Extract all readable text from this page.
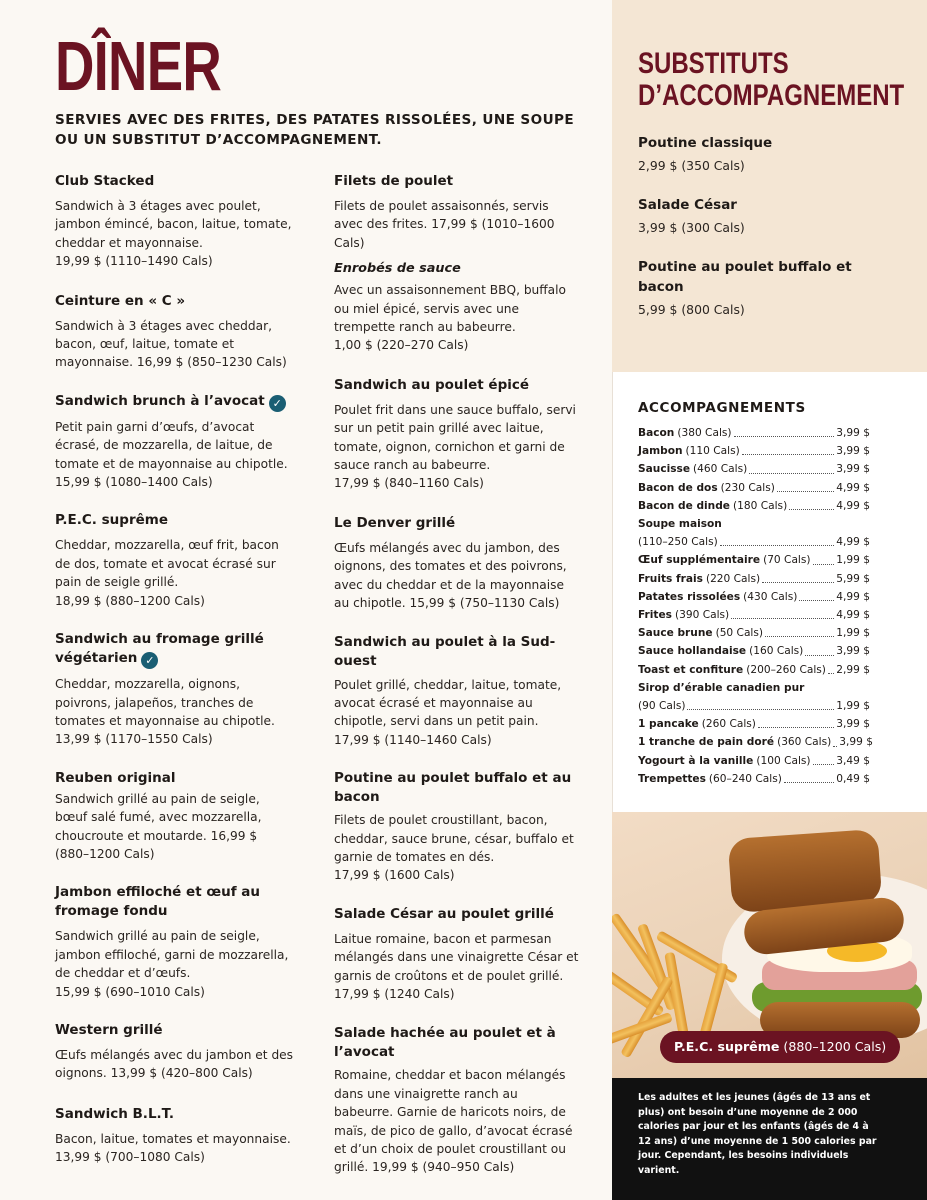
DÎNER
SERVIES AVEC DES FRITES, DES PATATES RISSOLÉES, UNE SOUPE OU UN SUBSTITUT D’ACCOMPAGNEMENT.
Club Stacked
Sandwich à 3 étages avec poulet, jambon émincé, bacon, laitue, tomate, cheddar et mayonnaise.
19,99 $ (1110–1490 Cals)
Ceinture en « C »
Sandwich à 3 étages avec cheddar, bacon, œuf, laitue, tomate et mayonnaise. 16,99 $ (850–1230 Cals)
Sandwich brunch à l’avocat ✓
Petit pain garni d’œufs, d’avocat écrasé, de mozzarella, de laitue, de tomate et de mayonnaise au chipotle.
15,99 $ (1080–1400 Cals)
P.E.C. suprême
Cheddar, mozzarella, œuf frit, bacon de dos, tomate et avocat écrasé sur pain de seigle grillé.
18,99 $ (880–1200 Cals)
Sandwich au fromage grillé végétarien ✓
Cheddar, mozzarella, oignons, poivrons, jalapeños, tranches de tomates et mayonnaise au chipotle.
13,99 $ (1170–1550 Cals)
Reuben original
Sandwich grillé au pain de seigle, bœuf salé fumé, avec mozzarella, choucroute et moutarde. 16,99 $ (880–1200 Cals)
Jambon effiloché et œuf au fromage fondu
Sandwich grillé au pain de seigle, jambon effiloché, garni de mozzarella, de cheddar et d’œufs.
15,99 $ (690–1010 Cals)
Western grillé
Œufs mélangés avec du jambon et des oignons. 13,99 $ (420–800 Cals)
Sandwich B.L.T.
Bacon, laitue, tomates et mayonnaise.
13,99 $ (700–1080 Cals)
Filets de poulet
Filets de poulet assaisonnés, servis avec des frites. 17,99 $ (1010–1600 Cals)
Enrobés de sauce
Avec un assaisonnement BBQ, buffalo ou miel épicé, servis avec une trempette ranch au babeurre.
1,00 $ (220–270 Cals)
Sandwich au poulet épicé
Poulet frit dans une sauce buffalo, servi sur un petit pain grillé avec laitue, tomate, oignon, cornichon et garni de sauce ranch au babeurre.
17,99 $ (840–1160 Cals)
Le Denver grillé
Œufs mélangés avec du jambon, des oignons, des tomates et des poivrons, avec du cheddar et de la mayonnaise au chipotle. 15,99 $ (750–1130 Cals)
Sandwich au poulet à la Sud-ouest
Poulet grillé, cheddar, laitue, tomate, avocat écrasé et mayonnaise au chipotle, servi dans un petit pain.
17,99 $ (1140–1460 Cals)
Poutine au poulet buffalo et au bacon
Filets de poulet croustillant, bacon, cheddar, sauce brune, césar, buffalo et garnie de tomates en dés.
17,99 $ (1600 Cals)
Salade César au poulet grillé
Laitue romaine, bacon et parmesan mélangés dans une vinaigrette César et garnis de croûtons et de poulet grillé.
17,99 $ (1240 Cals)
Salade hachée au poulet et à l’avocat
Romaine, cheddar et bacon mélangés dans une vinaigrette ranch au babeurre. Garnie de haricots noirs, de maïs, de pico de gallo, d’avocat écrasé et d’un choix de poulet croustillant ou grillé. 19,99 $ (940–950 Cals)
SUBSTITUTS
D’ACCOMPAGNEMENT
Poutine classique
2,99 $ (350 Cals)
Salade César
3,99 $ (300 Cals)
Poutine au poulet buffalo et bacon
5,99 $ (800 Cals)
ACCOMPAGNEMENTS
Bacon (380 Cals)	3,99 $
Jambon (110 Cals)	3,99 $
Saucisse (460 Cals)	3,99 $
Bacon de dos (230 Cals)	4,99 $
Bacon de dinde (180 Cals)	4,99 $
Soupe maison
(110–250 Cals)	4,99 $
Œuf supplémentaire (70 Cals) 1,99 $
Fruits frais (220 Cals)	5,99 $
Patates rissolées (430 Cals)	4,99 $
Frites (390 Cals)	4,99 $
Sauce brune (50 Cals)	1,99 $
Sauce hollandaise (160 Cals)	3,99 $
Toast et confiture (200–260 Cals) 2,99 $
Sirop d’érable canadien pur
(90 Cals)	1,99 $
1 pancake (260 Cals)	3,99 $
1 tranche de pain doré (360 Cals) 3,99 $
Yogourt à la vanille (100 Cals) 3,49 $
Trempettes (60–240 Cals)	0,49 $
P.E.C. suprême (880–1200 Cals)
Les adultes et les jeunes (âgés de 13 ans et plus) ont besoin d’une moyenne de 2 000 calories par jour et les enfants (âgés de 4 à 12 ans) d’une moyenne de 1 500 calories par jour. Cependant, les besoins individuels varient.
